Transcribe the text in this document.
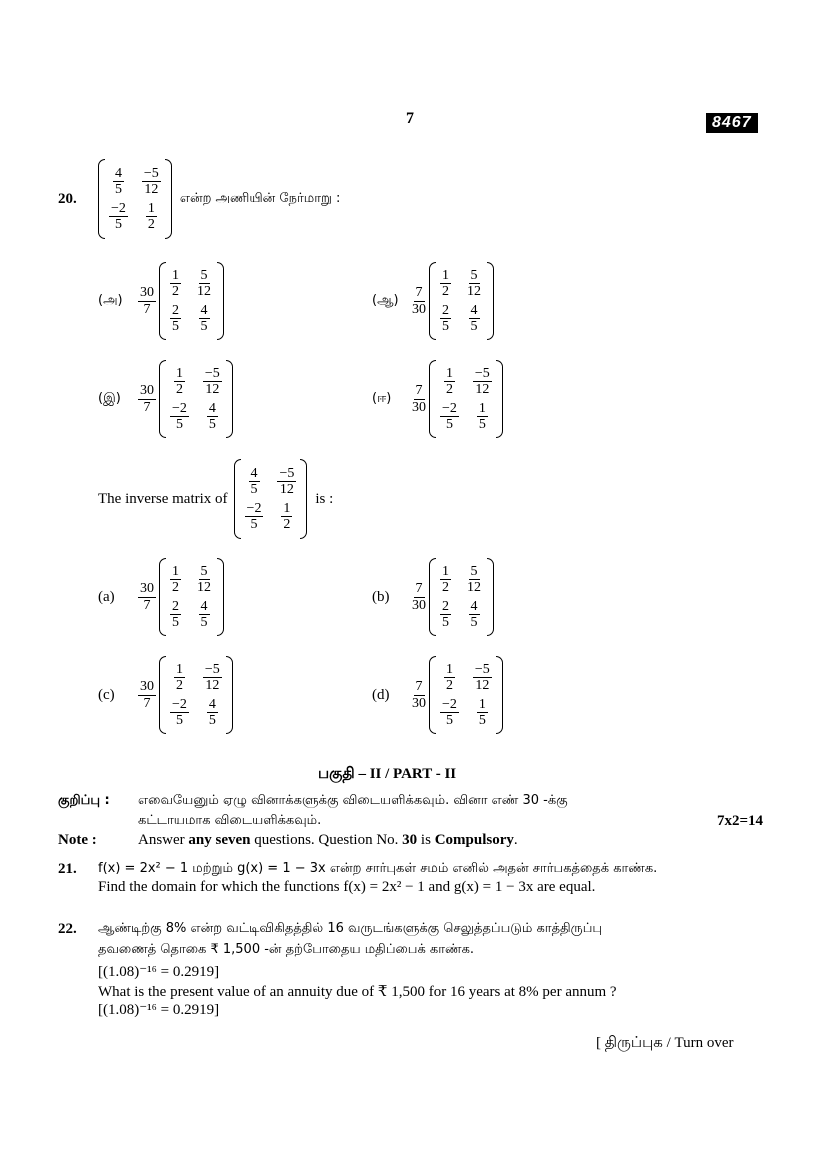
7	8467
20.
$\frac{4}{5} \frac{-5}{12}$
$\frac{-2}{5} \frac{1}{2}$
என்ற அணியின் நேர்மாறு :
The inverse matrix of
$\frac{4}{5} \frac{-5}{12}$
$\frac{-2}{5} \frac{1}{2}$
is :
பகுதி – II / PART - II
குறிப்பு : எவையேனும் ஏழு வினாக்களுக்கு விடையளிக்கவும். வினா எண் 30 -க்கு
கட்டாயமாக விடையளிக்கவும்.	7x2=14
Note :	Answer any seven questions. Question No. 30 is Compulsory.
21. f(x) = 2x² − 1 மற்றும் g(x) = 1 − 3x என்ற சார்புகள் சமம் எனில் அதன் சார்பகத்தைக் காண்க.
Find the domain for which the functions f(x) = 2x² − 1 and g(x) = 1 − 3x are equal.
22. ஆண்டிற்கு 8% என்ற வட்டிவிகிதத்தில் 16 வருடங்களுக்கு செலுத்தப்படும் காத்திருப்பு
தவணைத் தொகை ₹ 1,500 -ன் தற்போதைய மதிப்பைக் காண்க.
[(1.08)⁻¹⁶ = 0.2919]
What is the present value of an annuity due of ₹ 1,500 for 16 years at 8% per annum ?
[(1.08)⁻¹⁶ = 0.2919]
[ திருப்புக / Turn over
(அ)
30
7
$\frac{1}{2} \frac{5}{12}$
$\frac{2}{5} \frac{4}{5}$
(ஆ)
7
30
$\frac{1}{2} \frac{5}{12}$
$\frac{2}{5} \frac{4}{5}$
(இ)
30
7
$\frac{1}{2} \frac{-5}{12}$
$\frac{-2}{5} \frac{4}{5}$
(ஈ)
7
30
$\frac{1}{2} \frac{-5}{12}$
$\frac{-2}{5} \frac{1}{5}$
(a)
30
7
$\frac{1}{2} \frac{5}{12}$
$\frac{2}{5} \frac{4}{5}$
(b)
7
30
$\frac{1}{2} \frac{5}{12}$
$\frac{2}{5} \frac{4}{5}$
(c)
30
7
$\frac{1}{2} \frac{-5}{12}$
$\frac{-2}{5} \frac{4}{5}$
(d)
7
30
$\frac{1}{2} \frac{-5}{12}$
$\frac{-2}{5} \frac{1}{5}$
